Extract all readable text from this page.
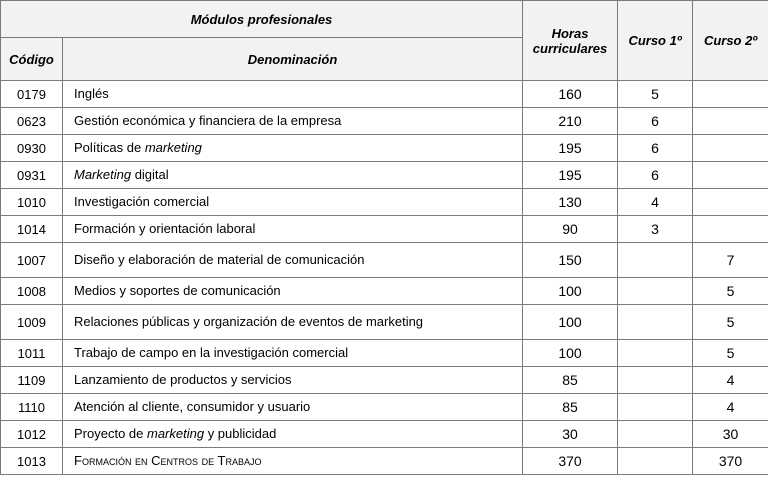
Módulos profesionales		Horas curriculares	Curso 1º	Curso 2º
Código	Denominación			
0179	Inglés	160	5	
0623	Gestión económica y financiera de la empresa	210	6	
0930	Políticas de marketing	195	6	
0931	Marketing digital	195	6	
1010	Investigación comercial	130	4	
1014	Formación y orientación laboral	90	3	
1007	Diseño y elaboración de material de comunicación	150		7
1008	Medios y soportes de comunicación	100		5
1009	Relaciones públicas y organización de eventos de marketing	100		5
1011	Trabajo de campo en la investigación comercial	100		5
1109	Lanzamiento de productos y servicios	85		4
1110	Atención al cliente, consumidor y usuario	85		4
1012	Proyecto de marketing y publicidad	30		30
1013	Formación en Centros de Trabajo	370		370
